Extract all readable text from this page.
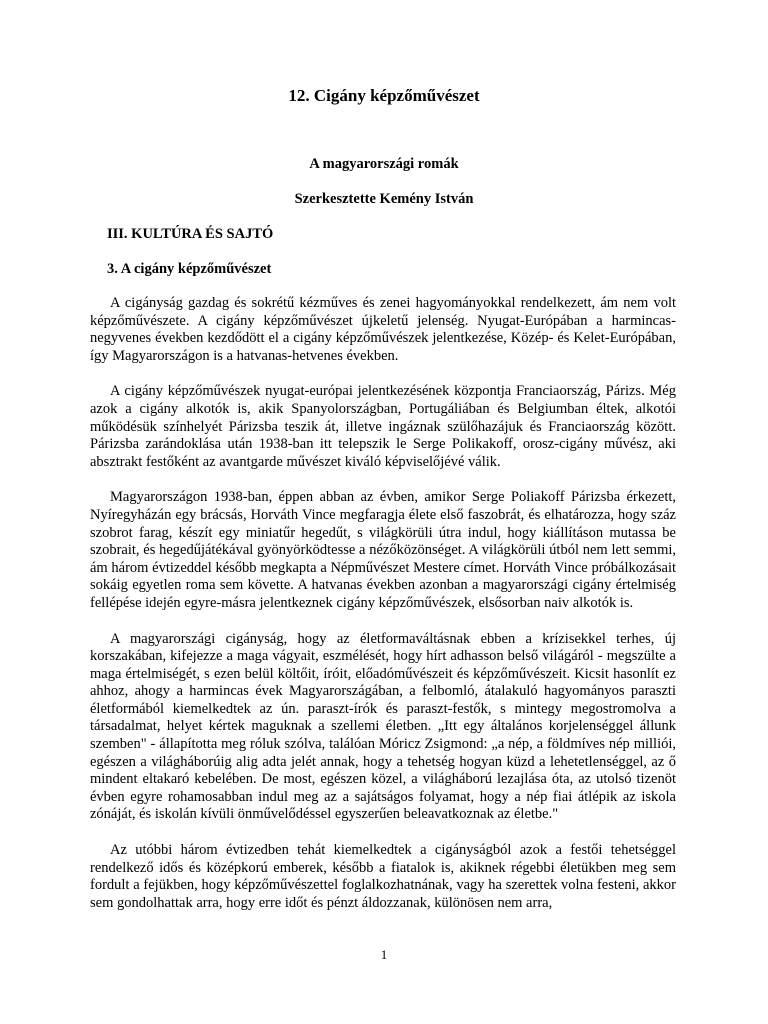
12. Cigány képzőművészet
A magyarországi romák
Szerkesztette Kemény István
III. KULTÚRA ÉS SAJTÓ
3. A cigány képzőművészet

A cigányság gazdag és sokrétű kézműves és zenei hagyományokkal rendelkezett, ám nem volt képzőművészete. A cigány képzőművészet újkeletű jelenség. Nyugat-Európában a harmincas-negyvenes években kezdődött el a cigány képzőművészek jelentkezése, Közép- és Kelet-Európában, így Magyarországon is a hatvanas-hetvenes években.

A cigány képzőművészek nyugat-európai jelentkezésének központja Franciaország, Párizs. Még azok a cigány alkotók is, akik Spanyolországban, Portugáliában és Belgiumban éltek, alkotói működésük színhelyét Párizsba teszik át, illetve ingáznak szülőhazájuk és Franciaország között. Párizsba zarándoklása után 1938-ban itt telepszik le Serge Polikakoff, orosz-cigány művész, aki absztrakt festőként az avantgarde művészet kiváló képviselőjévé válik.

Magyarországon 1938-ban, éppen abban az évben, amikor Serge Poliakoff Párizsba érkezett, Nyíregyházán egy brácsás, Horváth Vince megfaragja élete első faszobrát, és elhatározza, hogy száz szobrot farag, készít egy miniatűr hegedűt, s világkörüli útra indul, hogy kiállításon mutassa be szobrait, és hegedűjátékával gyönyörködtesse a nézőközönséget. A világkörüli útból nem lett semmi, ám három évtizeddel később megkapta a Népművészet Mestere címet. Horváth Vince próbálkozásait sokáig egyetlen roma sem követte. A hatvanas években azonban a magyarországi cigány értelmiség fellépése idején egyre-másra jelentkeznek cigány képzőművészek, elsősorban naiv alkotók is.

A magyarországi cigányság, hogy az életformaváltásnak ebben a krízisekkel terhes, új korszakában, kifejezze a maga vágyait, eszmélését, hogy hírt adhasson belső világáról - megszülte a maga értelmiségét, s ezen belül költőit, íróit, előadóművészeit és képzőművészeit. Kicsit hasonlít ez ahhoz, ahogy a harmincas évek Magyarországában, a felbomló, átalakuló hagyományos paraszti életformából kiemelkedtek az ún. paraszt-írók és paraszt-festők, s mintegy megostromolva a társadalmat, helyet kértek maguknak a szellemi életben. „Itt egy általános korjelenséggel állunk szemben" - állapította meg róluk szólva, találóan Móricz Zsigmond: „a nép, a földmíves nép milliói, egészen a világháborúig alig adta jelét annak, hogy a tehetség hogyan küzd a lehetetlenséggel, az ő mindent eltakaró kebelében. De most, egészen közel, a világháború lezajlása óta, az utolsó tizenöt évben egyre rohamosabban indul meg az a sajátságos folyamat, hogy a nép fiai átlépik az iskola zónáját, és iskolán kívüli önművelődéssel egyszerűen beleavatkoznak az életbe."

Az utóbbi három évtizedben tehát kiemelkedtek a cigányságból azok a festői tehetséggel rendelkező idős és középkorú emberek, később a fiatalok is, akiknek régebbi életükben meg sem fordult a fejükben, hogy képzőművészettel foglalkozhatnának, vagy ha szerettek volna festeni, akkor sem gondolhattak arra, hogy erre időt és pénzt áldozzanak, különösen nem arra,

1
